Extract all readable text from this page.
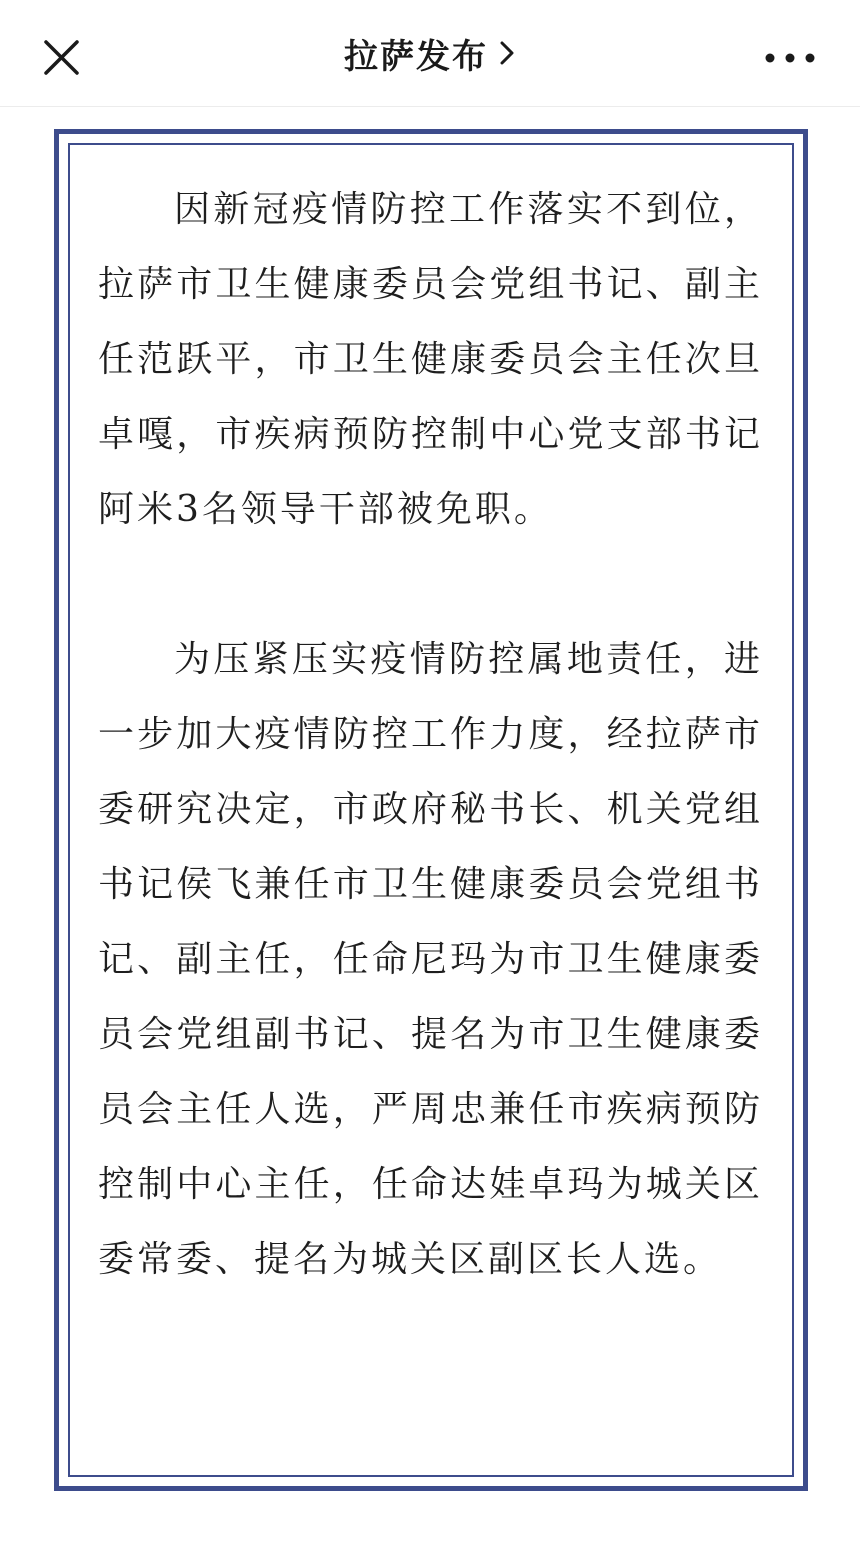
拉萨发布

因新冠疫情防控工作落实不到位，拉萨市卫生健康委员会党组书记、副主任范跃平，市卫生健康委员会主任次旦卓嘎，市疾病预防控制中心党支部书记阿米3名领导干部被免职。

为压紧压实疫情防控属地责任，进一步加大疫情防控工作力度，经拉萨市委研究决定，市政府秘书长、机关党组书记侯飞兼任市卫生健康委员会党组书记、副主任，任命尼玛为市卫生健康委员会党组副书记、提名为市卫生健康委员会主任人选，严周忠兼任市疾病预防控制中心主任，任命达娃卓玛为城关区委常委、提名为城关区副区长人选。
